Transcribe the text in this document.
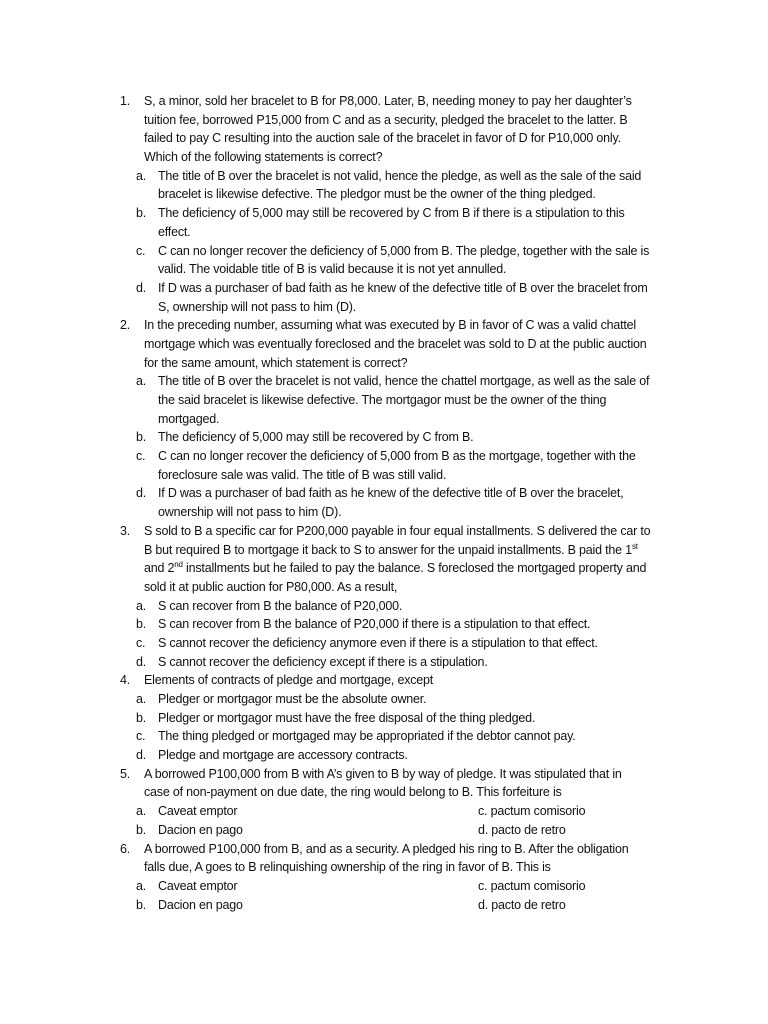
1. S, a minor, sold her bracelet to B for P8,000. Later, B, needing money to pay her daughter’s
tuition fee, borrowed P15,000 from C and as a security, pledged the bracelet to the latter. B
failed to pay C resulting into the auction sale of the bracelet in favor of D for P10,000 only.
Which of the following statements is correct?
a. The title of B over the bracelet is not valid, hence the pledge, as well as the sale of the said
bracelet is likewise defective. The pledgor must be the owner of the thing pledged.
b. The deficiency of 5,000 may still be recovered by C from B if there is a stipulation to this
effect.
c. C can no longer recover the deficiency of 5,000 from B. The pledge, together with the sale is
valid. The voidable title of B is valid because it is not yet annulled.
d. If D was a purchaser of bad faith as he knew of the defective title of B over the bracelet from
S, ownership will not pass to him (D).
2. In the preceding number, assuming what was executed by B in favor of C was a valid chattel
mortgage which was eventually foreclosed and the bracelet was sold to D at the public auction
for the same amount, which statement is correct?
a. The title of B over the bracelet is not valid, hence the chattel mortgage, as well as the sale of
the said bracelet is likewise defective. The mortgagor must be the owner of the thing
mortgaged.
b. The deficiency of 5,000 may still be recovered by C from B.
c. C can no longer recover the deficiency of 5,000 from B as the mortgage, together with the
foreclosure sale was valid. The title of B was still valid.
d. If D was a purchaser of bad faith as he knew of the defective title of B over the bracelet,
ownership will not pass to him (D).
3. S sold to B a specific car for P200,000 payable in four equal installments. S delivered the car to
B but required B to mortgage it back to S to answer for the unpaid installments. B paid the 1st
and 2nd installments but he failed to pay the balance. S foreclosed the mortgaged property and
sold it at public auction for P80,000. As a result,
a. S can recover from B the balance of P20,000.
b. S can recover from B the balance of P20,000 if there is a stipulation to that effect.
c. S cannot recover the deficiency anymore even if there is a stipulation to that effect.
d. S cannot recover the deficiency except if there is a stipulation.
4. Elements of contracts of pledge and mortgage, except
a. Pledger or mortgagor must be the absolute owner.
b. Pledger or mortgagor must have the free disposal of the thing pledged.
c. The thing pledged or mortgaged may be appropriated if the debtor cannot pay.
d. Pledge and mortgage are accessory contracts.
5. A borrowed P100,000 from B with A’s given to B by way of pledge. It was stipulated that in
case of non-payment on due date, the ring would belong to B. This forfeiture is
a. Caveat emptor	c. pactum comisorio
b. Dacion en pago	d. pacto de retro
6. A borrowed P100,000 from B, and as a security. A pledged his ring to B. After the obligation
falls due, A goes to B relinquishing ownership of the ring in favor of B. This is
a. Caveat emptor	c. pactum comisorio
b. Dacion en pago	d. pacto de retro
